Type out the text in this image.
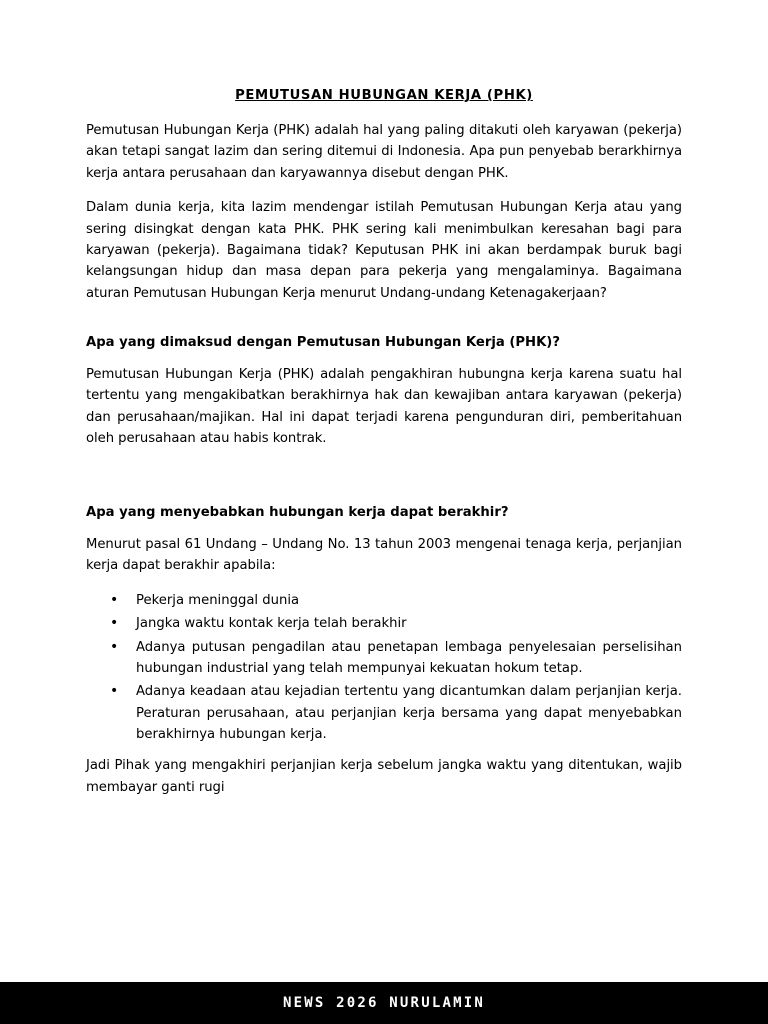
PEMUTUSAN HUBUNGAN KERJA (PHK)

Pemutusan Hubungan Kerja (PHK) adalah hal yang paling ditakuti oleh karyawan (pekerja) akan tetapi sangat lazim dan sering ditemui di Indonesia. Apa pun penyebab berarkhirnya kerja antara perusahaan dan karyawannya disebut dengan PHK.

Dalam dunia kerja, kita lazim mendengar istilah Pemutusan Hubungan Kerja atau yang sering disingkat dengan kata PHK. PHK sering kali menimbulkan keresahan bagi para karyawan (pekerja). Bagaimana tidak? Keputusan PHK ini akan berdampak buruk bagi kelangsungan hidup dan masa depan para pekerja yang mengalaminya. Bagaimana aturan Pemutusan Hubungan Kerja menurut Undang-undang Ketenagakerjaan?

Apa yang dimaksud dengan Pemutusan Hubungan Kerja (PHK)?

Pemutusan Hubungan Kerja (PHK) adalah pengakhiran hubungna kerja karena suatu hal tertentu yang mengakibatkan berakhirnya hak dan kewajiban antara karyawan (pekerja) dan perusahaan/majikan. Hal ini dapat terjadi karena pengunduran diri, pemberitahuan oleh perusahaan atau habis kontrak.

Apa yang menyebabkan hubungan kerja dapat berakhir?

Menurut pasal 61 Undang – Undang No. 13 tahun 2003 mengenai tenaga kerja, perjanjian kerja dapat berakhir apabila:

• Pekerja meninggal dunia
• Jangka waktu kontak kerja telah berakhir
• Adanya putusan pengadilan atau penetapan lembaga penyelesaian perselisihan hubungan industrial yang telah mempunyai kekuatan hokum tetap.
• Adanya keadaan atau kejadian tertentu yang dicantumkan dalam perjanjian kerja. Peraturan perusahaan, atau perjanjian kerja bersama yang dapat menyebabkan berakhirnya hubungan kerja.

Jadi Pihak yang mengakhiri perjanjian kerja sebelum jangka waktu yang ditentukan, wajib membayar ganti rugi

NEWS 2026 NURULAMIN
